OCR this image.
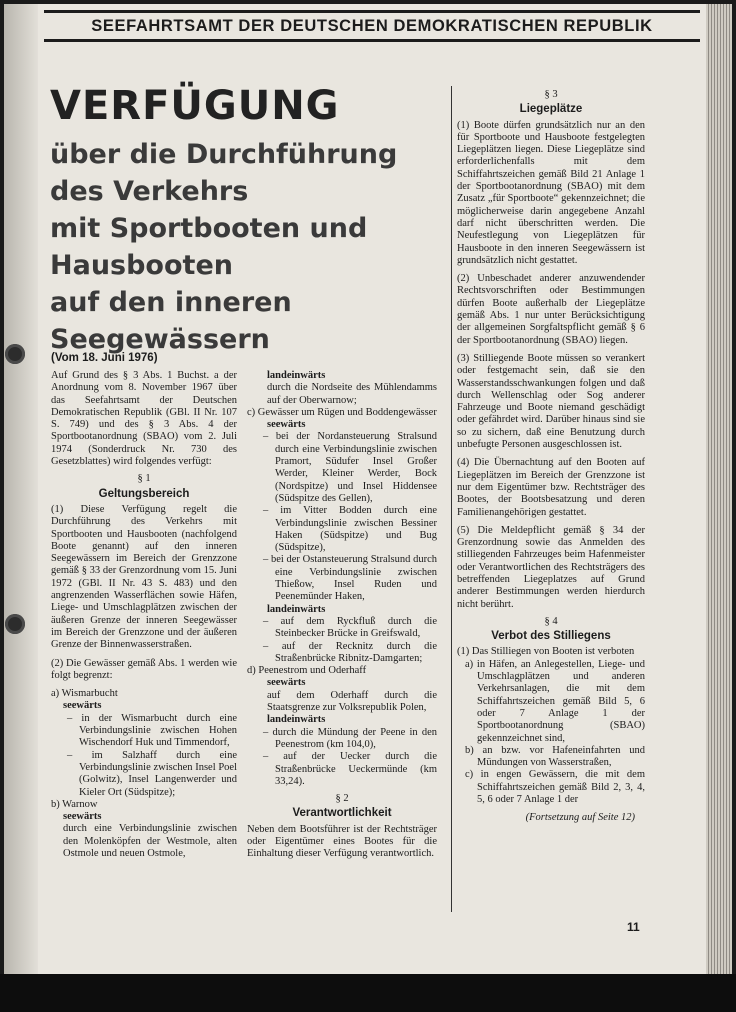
SEEFAHRTSAMT DER DEUTSCHEN DEMOKRATISCHEN REPUBLIK
VERFÜGUNG
über die Durchführung
des Verkehrs
mit Sportbooten und
Hausbooten
auf den inneren
Seegewässern
(Vom 18. Juni 1976)

Auf Grund des § 3 Abs. 1 Buchst. a der Anordnung vom 8. November 1967 über das Seefahrtsamt der Deutschen Demokratischen Republik (GBl. II Nr. 107 S. 749) und des § 3 Abs. 4 der Sportbootanordnung (SBAO) vom 2. Juli 1974 (Sonderdruck Nr. 730 des Gesetzblattes) wird folgendes verfügt:

§ 1

Geltungsbereich

(1) Diese Verfügung regelt die Durchführung des Verkehrs mit Sportbooten und Hausbooten (nachfolgend Boote genannt) auf den inneren Seegewässern im Bereich der Grenzzone gemäß § 33 der Grenzordnung vom 15. Juni 1972 (GBl. II Nr. 43 S. 483) und den angrenzenden Wasserflächen sowie Häfen, Liege- und Umschlagplätzen zwischen der äußeren Grenze der inneren Seegewässer im Bereich der Grenzzone und der äußeren Grenze der Binnenwasserstraßen.

(2) Die Gewässer gemäß Abs. 1 werden wie folgt begrenzt:

a) Wismarbucht

seewärts

– in der Wismarbucht durch eine Verbindungslinie zwischen Hohen Wischendorf Huk und Timmendorf,

– im Salzhaff durch eine Verbindungslinie zwischen Insel Poel (Golwitz), Insel Langenwerder und Kieler Ort (Südspitze);

b) Warnow

seewärts

durch eine Verbindungslinie zwischen den Molenköpfen der Westmole, alten Ostmole und neuen Ostmole,

landeinwärts

durch die Nordseite des Mühlendamms auf der Oberwarnow;

c) Gewässer um Rügen und Boddengewässer

seewärts

– bei der Nordansteuerung Stralsund durch eine Verbindungslinie zwischen Pramort, Südufer Insel Großer Werder, Kleiner Werder, Bock (Nordspitze) und Insel Hiddensee (Südspitze des Gellen),

– im Vitter Bodden durch eine Verbindungslinie zwischen Bessiner Haken (Südspitze) und Bug (Südspitze),

– bei der Ostansteuerung Stralsund durch eine Verbindungslinie zwischen Thießow, Insel Ruden und Peenemünder Haken,

landeinwärts

– auf dem Ryckfluß durch die Steinbecker Brücke in Greifswald,

– auf der Recknitz durch die Straßenbrücke Ribnitz-Damgarten;

d) Peenestrom und Oderhaff

seewärts

auf dem Oderhaff durch die Staatsgrenze zur Volksrepublik Polen,

landeinwärts

– durch die Mündung der Peene in den Peenestrom (km 104,0),

– auf der Uecker durch die Straßenbrücke Ueckermünde (km 33,24).

§ 2

Verantwortlichkeit

Neben dem Bootsführer ist der Rechtsträger oder Eigentümer eines Bootes für die Einhaltung dieser Verfügung verantwortlich.

§ 3

Liegeplätze

(1) Boote dürfen grundsätzlich nur an den für Sportboote und Hausboote festgelegten Liegeplätzen liegen. Diese Liegeplätze sind erforderlichenfalls mit dem Schiffahrtszeichen gemäß Bild 21 Anlage 1 der Sportbootanordnung (SBAO) mit dem Zusatz „für Sportboote“ gekennzeichnet; die möglicherweise darin angegebene Anzahl darf nicht überschritten werden. Die Neufestlegung von Liegeplätzen für Hausboote in den inneren Seegewässern ist grundsätzlich nicht gestattet.

(2) Unbeschadet anderer anzuwendender Rechtsvorschriften oder Bestimmungen dürfen Boote außerhalb der Liegeplätze gemäß Abs. 1 nur unter Berücksichtigung der allgemeinen Sorgfaltspflicht gemäß § 6 der Sportbootanordnung (SBAO) liegen.

(3) Stilliegende Boote müssen so verankert oder festgemacht sein, daß sie den Wasserstandsschwankungen folgen und daß durch Wellenschlag oder Sog anderer Fahrzeuge und Boote niemand geschädigt oder gefährdet wird. Darüber hinaus sind sie so zu sichern, daß eine Benutzung durch unbefugte Personen ausgeschlossen ist.

(4) Die Übernachtung auf den Booten auf Liegeplätzen im Bereich der Grenzzone ist nur dem Eigentümer bzw. Rechtsträger des Bootes, der Bootsbesatzung und deren Familienangehörigen gestattet.

(5) Die Meldepflicht gemäß § 34 der Grenzordnung sowie das Anmelden des stilliegenden Fahrzeuges beim Hafenmeister oder Verantwortlichen des Rechtsträgers des betreffenden Liegeplatzes auf Grund anderer Bestimmungen werden hierdurch nicht berührt.

§ 4

Verbot des Stilliegens

(1) Das Stilliegen von Booten ist verboten

a) in Häfen, an Anlegestellen, Liege- und Umschlagplätzen und anderen Verkehrsanlagen, die mit dem Schiffahrtszeichen gemäß Bild 5, 6 oder 7 Anlage 1 der Sportbootanordnung (SBAO) gekennzeichnet sind,

b) an bzw. vor Hafeneinfahrten und Mündungen von Wasserstraßen,

c) in engen Gewässern, die mit dem Schiffahrtszeichen gemäß Bild 2, 3, 4, 5, 6 oder 7 Anlage 1 der

(Fortsetzung auf Seite 12)

11
